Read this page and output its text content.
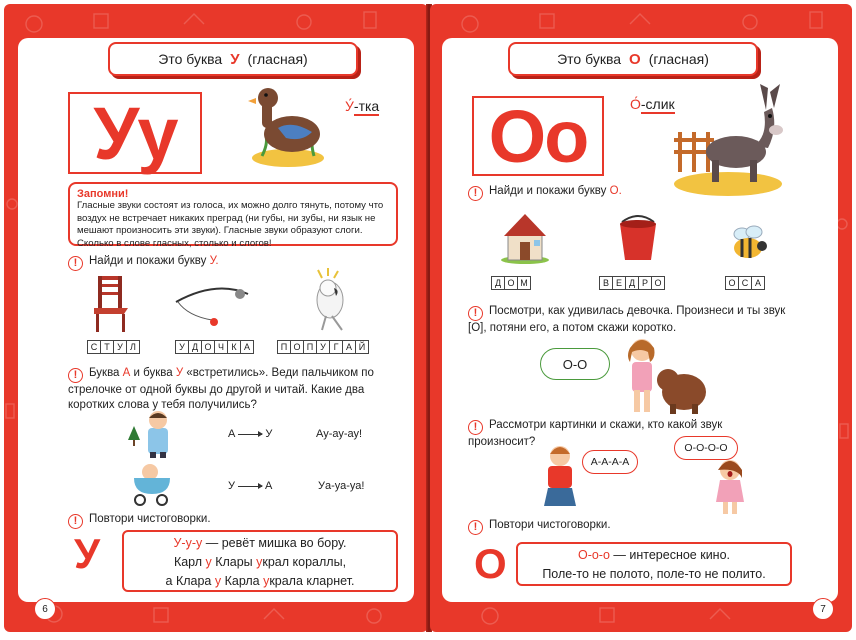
Это буква У (гласная)
Уу	У́-тка
Запомни!
Гласные звуки состоят из голоса, их можно долго тянуть, потому что воздух не встречает никаких преград (ни губы, ни зубы, ни язык не мешают произносить эти звуки). Гласные звуки образуют слоги. Сколько в слове гласных, столько и слогов!
! Найди и покажи букву У.
С Т У Л	У Д О Ч К А	П О П У Г А Й
! Буква А и буква У «встретились». Веди пальчиком по стрелочке от одной буквы до другой и читай. Какие два коротких слова у тебя получились?
А	У	Ау-ау-ау!
У	А	Уа-уа-уа!
! Повтори чистоговорки.
У	У-у-у — ревёт мишка во бору.
Карл у Клары украл кораллы,
а Клара у Карла украла кларнет.
6
Это буква О (гласная)
Оо	О́-слик
! Найди и покажи букву О.
Д О М	В Е Д Р О	О С А
! Посмотри, как удивилась девочка. Произнеси и ты звук [О], потяни его, а потом скажи коротко.
О-О
! Рассмотри картинки и скажи, кто какой звук произносит?
А-А-А-А
О-О-О-О
! Повтори чистоговорки.
О	О-о-о — интересное кино.
Поле-то не полото, поле-то не полито.
7
